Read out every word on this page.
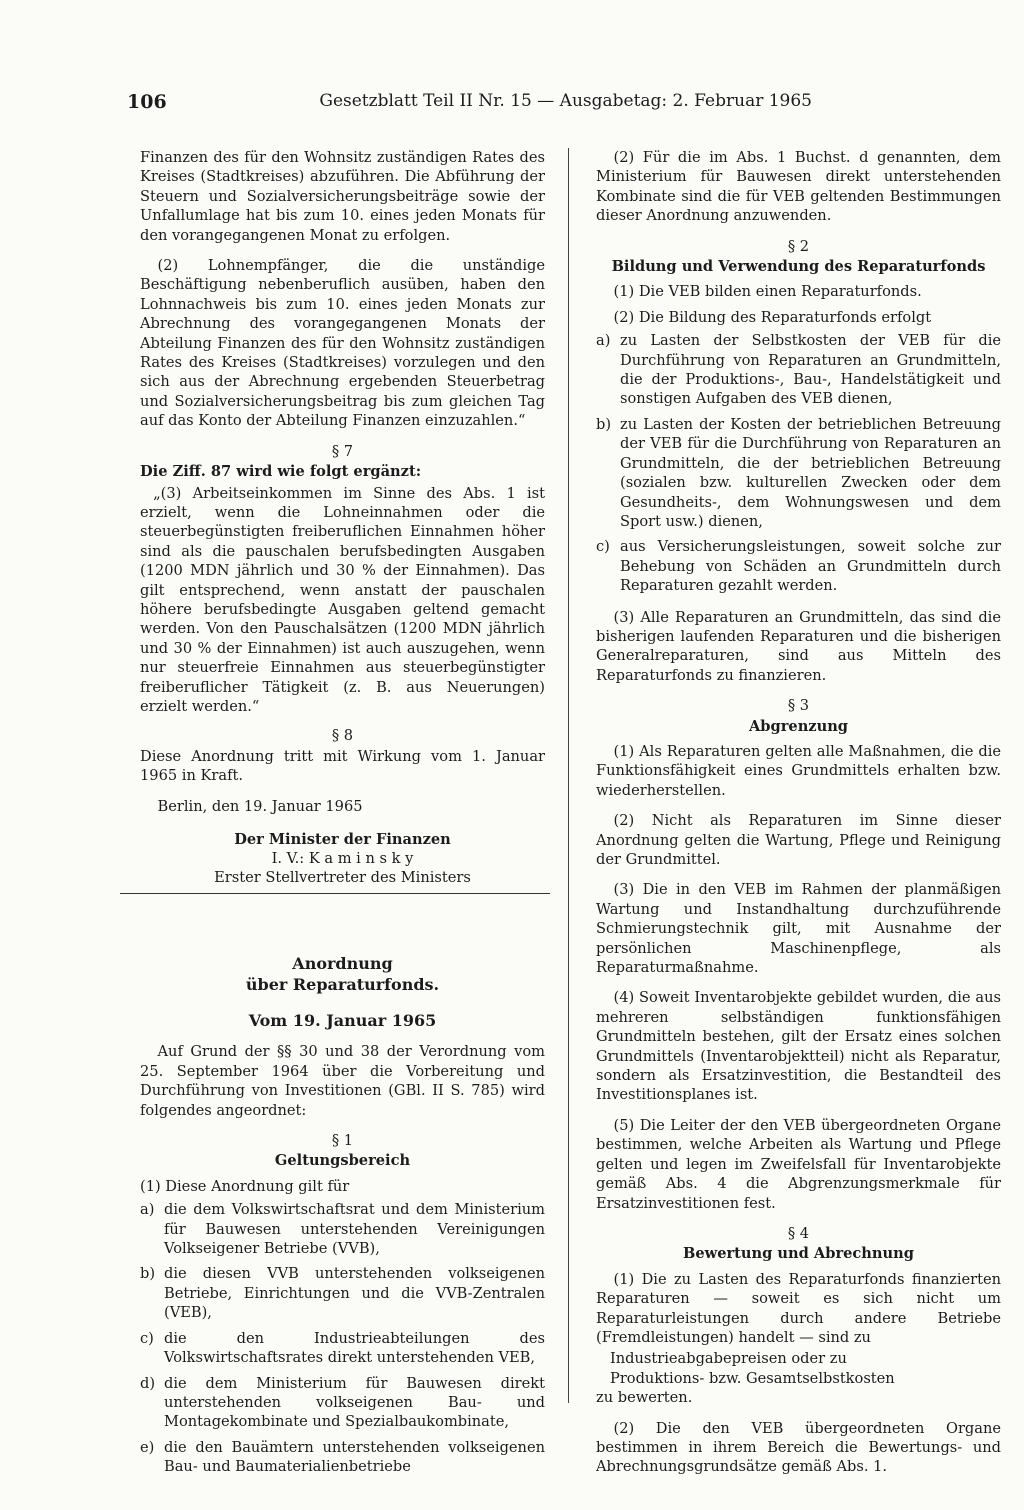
106	Gesetzblatt Teil II Nr. 15 — Ausgabetag: 2. Februar 1965

Finanzen des für den Wohnsitz zuständigen Rates des Kreises (Stadtkreises) abzuführen. Die Abführung der Steuern und Sozialversicherungsbeiträge sowie der Unfallumlage hat bis zum 10. eines jeden Monats für den vorangegangenen Monat zu erfolgen.

(2) Lohnempfänger, die die unständige Beschäftigung nebenberuflich ausüben, haben den Lohnnachweis bis zum 10. eines jeden Monats zur Abrechnung des vorangegangenen Monats der Abteilung Finanzen des für den Wohnsitz zuständigen Rates des Kreises (Stadtkreises) vorzulegen und den sich aus der Abrechnung ergebenden Steuerbetrag und Sozialversicherungsbeitrag bis zum gleichen Tag auf das Konto der Abteilung Finanzen einzuzahlen.“

§ 7

Die Ziff. 87 wird wie folgt ergänzt:

„(3) Arbeitseinkommen im Sinne des Abs. 1 ist erzielt, wenn die Lohneinnahmen oder die steuerbegünstigten freiberuflichen Einnahmen höher sind als die pauschalen berufsbedingten Ausgaben (1200 MDN jährlich und 30 % der Einnahmen). Das gilt entsprechend, wenn anstatt der pauschalen höhere berufsbedingte Ausgaben geltend gemacht werden. Von den Pauschalsätzen (1200 MDN jährlich und 30 % der Einnahmen) ist auch auszugehen, wenn nur steuerfreie Einnahmen aus steuerbegünstigter freiberuflicher Tätigkeit (z. B. aus Neuerungen) erzielt werden.“

§ 8

Diese Anordnung tritt mit Wirkung vom 1. Januar 1965 in Kraft.

Berlin, den 19. Januar 1965

Der Minister der Finanzen
I. V.: K a m i n s k y
Erster Stellvertreter des Ministers
Anordnung
über Reparaturfonds.
Vom 19. Januar 1965

Auf Grund der §§ 30 und 38 der Verordnung vom 25. September 1964 über die Vorbereitung und Durchführung von Investitionen (GBl. II S. 785) wird folgendes angeordnet:

§ 1
Geltungsbereich

(1) Diese Anordnung gilt für

a) die dem Volkswirtschaftsrat und dem Ministerium für Bauwesen unterstehenden Vereinigungen Volkseigener Betriebe (VVB),
b) die diesen VVB unterstehenden volkseigenen Betriebe, Einrichtungen und die VVB-Zentralen (VEB),
c) die den Industrieabteilungen des Volkswirtschaftsrates direkt unterstehenden VEB,
d) die dem Ministerium für Bauwesen direkt unterstehenden volkseigenen Bau- und Montagekombinate und Spezialbaukombinate,
e) die den Bauämtern unterstehenden volkseigenen Bau- und Baumaterialienbetriebe

(2) Für die im Abs. 1 Buchst. d genannten, dem Ministerium für Bauwesen direkt unterstehenden Kombinate sind die für VEB geltenden Bestimmungen dieser Anordnung anzuwenden.

§ 2
Bildung und Verwendung des Reparaturfonds

(1) Die VEB bilden einen Reparaturfonds.

(2) Die Bildung des Reparaturfonds erfolgt

a) zu Lasten der Selbstkosten der VEB für die Durchführung von Reparaturen an Grundmitteln, die der Produktions-, Bau-, Handelstätigkeit und sonstigen Aufgaben des VEB dienen,
b) zu Lasten der Kosten der betrieblichen Betreuung der VEB für die Durchführung von Reparaturen an Grundmitteln, die der betrieblichen Betreuung (sozialen bzw. kulturellen Zwecken oder dem Gesundheits-, dem Wohnungswesen und dem Sport usw.) dienen,
c) aus Versicherungsleistungen, soweit solche zur Behebung von Schäden an Grundmitteln durch Reparaturen gezahlt werden.

(3) Alle Reparaturen an Grundmitteln, das sind die bisherigen laufenden Reparaturen und die bisherigen Generalreparaturen, sind aus Mitteln des Reparaturfonds zu finanzieren.

§ 3
Abgrenzung

(1) Als Reparaturen gelten alle Maßnahmen, die die Funktionsfähigkeit eines Grundmittels erhalten bzw. wiederherstellen.

(2) Nicht als Reparaturen im Sinne dieser Anordnung gelten die Wartung, Pflege und Reinigung der Grundmittel.

(3) Die in den VEB im Rahmen der planmäßigen Wartung und Instandhaltung durchzuführende Schmierungstechnik gilt, mit Ausnahme der persönlichen Maschinenpflege, als Reparaturmaßnahme.

(4) Soweit Inventarobjekte gebildet wurden, die aus mehreren selbständigen funktionsfähigen Grundmitteln bestehen, gilt der Ersatz eines solchen Grundmittels (Inventarobjektteil) nicht als Reparatur, sondern als Ersatzinvestition, die Bestandteil des Investitionsplanes ist.

(5) Die Leiter der den VEB übergeordneten Organe bestimmen, welche Arbeiten als Wartung und Pflege gelten und legen im Zweifelsfall für Inventarobjekte gemäß Abs. 4 die Abgrenzungsmerkmale für Ersatzinvestitionen fest.

§ 4
Bewertung und Abrechnung

(1) Die zu Lasten des Reparaturfonds finanzierten Reparaturen — soweit es sich nicht um Reparaturleistungen durch andere Betriebe (Fremdleistungen) handelt — sind zu

Industrieabgabepreisen oder zu

Produktions- bzw. Gesamtselbstkosten

zu bewerten.

(2) Die den VEB übergeordneten Organe bestimmen in ihrem Bereich die Bewertungs- und Abrechnungsgrundsätze gemäß Abs. 1.
